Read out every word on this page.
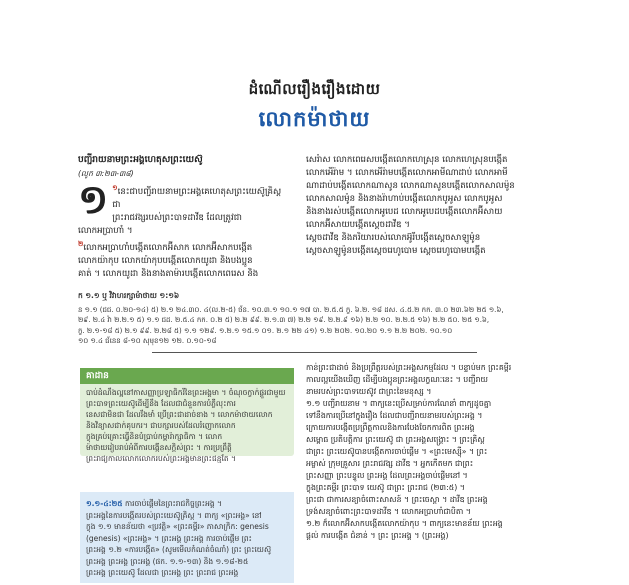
ដំណើលរឿងរឿងដោយ
លោកម៉ាថាយ
បញ្ជីរាយនាមព្រះអង្គហេតុសព្រះយេស៊ូ
(លូក ៣:២៣-៣៨)
១ $^១$នេះជាបញ្ជីរាយនាមព្រះអង្គគេហេតុសព្រះយេស៊ូគ្រិស្ត ជា
ព្រះរាជវង្សរបស់ព្រះបាទដាវីឌ ដែលត្រូវជា
លោកអប្រាហាំ ។
$^២$លោកអប្រាហាំបង្កើតលោកអ៊ីសាក លោកអ៊ីសាកបង្កើត
លោកយ៉ាកុប លោកយ៉ាកុបបង្កើតលោកយូដា និងបងប្អូន
គាត់ ។ លោកយូដា និងនាងតាម៉ារបង្កើតលោកពេរេស និង
សេរ៉ាស លោកពេរេសបង្កើតលោកហេស្រុន លោកហេស្រុនបង្កើត
លោកអើរ៉ាម ។ លោកអើរ៉ាមបង្កើតលោកអាមីណាដាប់ លោកអាមី
ណាដាប់បង្កើតលោកណាសូន លោកណាសូនបង្កើតលោកសាលម៉ូន
លោកសាលម៉ូន និងនាងរ៉ាហាប់បង្កើតលោកបូអូស លោកបូអូស
និងនាងរស់បង្កើតលោកអូបេដ លោកអូបេដបង្កើតលោកអ៊ីសាយ
លោកអ៊ីសាយបង្កើតស្ដេចដាវីឌ ។
ស្ដេចដាវីឌ និងភរិយារបស់លោកអ៊ូរីបង្កើតស្ដេចសាឡូម៉ូន
ស្ដេចសាឡូម៉ូនបង្កើតស្ដេចរេហូបោម ស្ដេចរេហូបោមបង្កើត
ក ១.១ ឬ វិវាហរក្សាម៉ាថាយ ១:១៦
ន ១.១ (ជជ. ០.២០-១៤) ៥) ២.១ ២៤.៣០. ៤(ល.២-៥) ថ័ន. ១០.៣.១ ១០.១ ១៧ បា. ២.៥.៥ ក្ខ. ៦.២. ១៨ ដស. ៤.៥.២ កក. ៣.០ ២៣.៦២ ២៥ ១.៦,
២៩. ២.៤ វ៉ា ២.២.១ ៥) ១.១ ជដ. ២.៥.៤ កក. ០.២ ៥) ២.២ ៩៩. ២.១.៣ ៧) ២.២ ១៩. ២.២.៩ ១៦) ២.២ ១០. ២.២.៥ ១៦) ២.២ ៥០. ២៥ ១.៦,
ក្ខ. ២.១-១៨ ៥) ២.១ ៩៩. ២.២៨ ៥) ១.១ ១២៩. ១.២.១ ១៥.១ ០១. ២.១ ២២ ៤១) ១.២ ២០២. ១០.២០ ១.១ ២.២ ២០២. ១០.១០
១០ ១.៤ ជ័នេន ៨-១០ សុមុខ១២ ១២. ០.១០-១៨
គាដាន
បាប់ដំណឹងល្អនៅកាសញ្ញាប្រឡាធិករីនៃព្រះអង្គមា ។ ចំណុចក្ខាក់ផ្គួរជាមួយ
ព្រះបាទព្រះយេស៊ូដើម្បីនឹង ដែលជាជំនួនការបំភ្លឺលុះការ
នេសជាមិនជា ដែលរឹងមាំ ប្រើព្រះជាដាច់ខាង ។ លោកម៉ាថាយលោក
និងវិន្យាសជាក់គុបករ។ ជាបក្សារបស់ដែលរំញោកលោក
ក្ខុងគ្រប់គ្រោះធ្វើនិនបំប្រាប់កម្ពារ៉ាក្សាធិកា ។ លោក
ម៉ាថាយរៀបរាប់អំពីការបង្កើនសក្តិស់ព្រះ ។ ការប្រព្រឹត្តិ
ព្រះរាជ្យកាលលោកលោករបស់ព្រះអង្គមានព្រះជន្មតែ ។
កាន់ព្រះជាដាច់ និងប្រព្រឹត្តរបស់ព្រះអង្គសកម្មដែល ។ បន្ទាប់មក ព្រះគម្ពីរ
កាលល្អយើងឃើញ ដើម្បីបងប្អូនព្រះអង្គលក្ខណៈនេះ ។ បញ្ជីរាយ
នាមរបស់ព្រះបាទយេស៊ូវ ជាព្រះនៃមនុស្ស ។
១.១ បញ្ជីរាយនាម ។ ពាក្យនេះប្រើសម្រាប់ការណែនាំ ពាក្យដូចគ្នា
ទៅនឹងការប្រើនៅក្នុងរឿង ដែលជាបញ្ជីរាយនាមរបស់ព្រះអង្គ ។
ក្រោយការបង្កើតប្រព្រឹត្តកាលនិងការបែងចែកការពិត ព្រះអង្គ
សម្ពោធ ប្រតិបត្តិការ ព្រះយេស៊ូ ជា ព្រះអង្គសង្គ្រោះ ។ ព្រះគ្រិស្ត
ជាព្រះ ព្រះយេស៊ូបានបង្កើតការចាប់ផ្ដើម ។ «ព្រះមេស្ស៊ី» ។ ព្រះ
អម្ចាស់ ក្រុមគ្រួសារ ព្រះរាជវង្ស ដាវីឌ ។ អ្នកកើតមក ជាព្រះ
ព្រះសញ្ញា ព្រះបន្ទូល ព្រះអង្គ ដែលព្រះអង្គចាប់ផ្ដើមនៅ ។
ក្ខុងព្រះគម្ពីរ ព្រះបាទ យេស៊ូ ជាព្រះ ព្រះរាជ (២៣:៥) ។
ព្រះជា ជាការសន្យាចំពោះសាសន៍ ។ ព្រះចេស្តា ។ ដាវីឌ ព្រះអង្គ
ទ្រង់សន្យាចំពោះព្រះបាទដាវីឌ ។ លោកអប្រាហាំជាបិតា ។
១.២ ក៏លោកអ៊ីសាកបង្កើតលោកយ៉ាកុប ។ ពាក្យនេះមានន័យ ព្រះអង្គ
ផ្ដល់ ការបង្កើត ជំនាន់ ។ ព្រះ ព្រះអង្គ ។ (ព្រះអង្គ)
១.១-៤:២៥ ការចាប់ផ្ដើមនៃព្រះរាជកិច្ចព្រះអង្គ ។
ព្រះអង្គនៃការបង្កើតរបស់ព្រះយេស៊ូគ្រិស្ត ។ ពាក្យ «ព្រះអង្គ» នៅ
ក្ខុង ១.១ មានន័យថា «ប្រវត្តិ» «ព្រះគម្ពីរ» ភាសាក្រិក: genesis
(genesis) «ព្រះអង្គ» ។ ព្រះអង្គ ព្រះអង្គ ការចាប់ផ្ដើម ព្រះ
ព្រះអង្គ ១.២ «ការបង្កើត» (សូមមើលកំណត់ចំណាំ) ព្រះ ព្រះយេស៊ូ
ព្រះអង្គ ព្រះអង្គ ព្រះអង្គ (ផក. ១.១-១៣) និង ១.១៨-២៥
ព្រះអង្គ ព្រះយេស៊ូ ដែលជា ព្រះអង្គ ព្រះ ព្រះរាជ ព្រះអង្គ
